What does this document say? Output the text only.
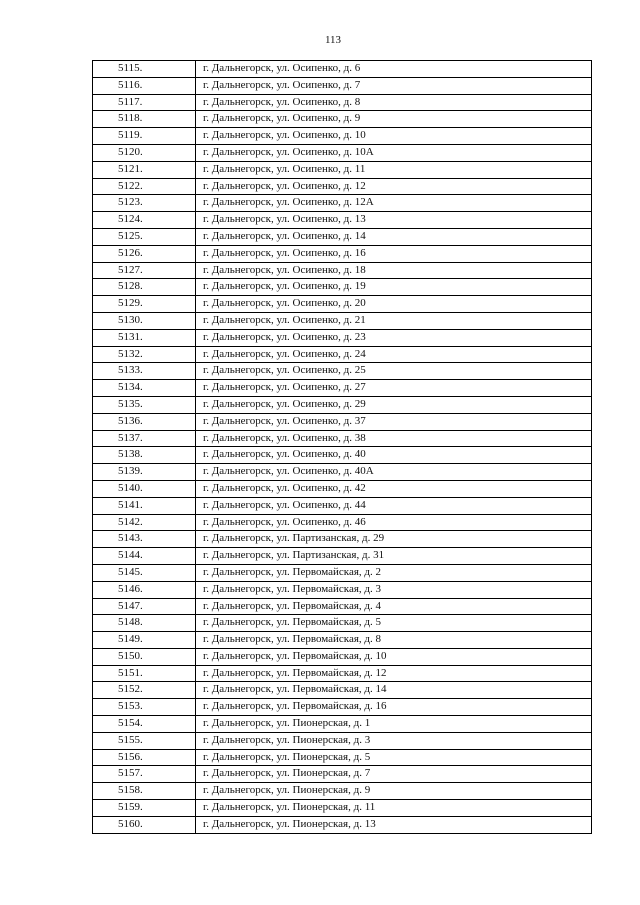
113
5115.	г. Дальнегорск, ул. Осипенко, д. 6
5116.	г. Дальнегорск, ул. Осипенко, д. 7
5117.	г. Дальнегорск, ул. Осипенко, д. 8
5118.	г. Дальнегорск, ул. Осипенко, д. 9
5119.	г. Дальнегорск, ул. Осипенко, д. 10
5120.	г. Дальнегорск, ул. Осипенко, д. 10А
5121.	г. Дальнегорск, ул. Осипенко, д. 11
5122.	г. Дальнегорск, ул. Осипенко, д. 12
5123.	г. Дальнегорск, ул. Осипенко, д. 12А
5124.	г. Дальнегорск, ул. Осипенко, д. 13
5125.	г. Дальнегорск, ул. Осипенко, д. 14
5126.	г. Дальнегорск, ул. Осипенко, д. 16
5127.	г. Дальнегорск, ул. Осипенко, д. 18
5128.	г. Дальнегорск, ул. Осипенко, д. 19
5129.	г. Дальнегорск, ул. Осипенко, д. 20
5130.	г. Дальнегорск, ул. Осипенко, д. 21
5131.	г. Дальнегорск, ул. Осипенко, д. 23
5132.	г. Дальнегорск, ул. Осипенко, д. 24
5133.	г. Дальнегорск, ул. Осипенко, д. 25
5134.	г. Дальнегорск, ул. Осипенко, д. 27
5135.	г. Дальнегорск, ул. Осипенко, д. 29
5136.	г. Дальнегорск, ул. Осипенко, д. 37
5137.	г. Дальнегорск, ул. Осипенко, д. 38
5138.	г. Дальнегорск, ул. Осипенко, д. 40
5139.	г. Дальнегорск, ул. Осипенко, д. 40А
5140.	г. Дальнегорск, ул. Осипенко, д. 42
5141.	г. Дальнегорск, ул. Осипенко, д. 44
5142.	г. Дальнегорск, ул. Осипенко, д. 46
5143.	г. Дальнегорск, ул. Партизанская, д. 29
5144.	г. Дальнегорск, ул. Партизанская, д. 31
5145.	г. Дальнегорск, ул. Первомайская, д. 2
5146.	г. Дальнегорск, ул. Первомайская, д. 3
5147.	г. Дальнегорск, ул. Первомайская, д. 4
5148.	г. Дальнегорск, ул. Первомайская, д. 5
5149.	г. Дальнегорск, ул. Первомайская, д. 8
5150.	г. Дальнегорск, ул. Первомайская, д. 10
5151.	г. Дальнегорск, ул. Первомайская, д. 12
5152.	г. Дальнегорск, ул. Первомайская, д. 14
5153.	г. Дальнегорск, ул. Первомайская, д. 16
5154.	г. Дальнегорск, ул. Пионерская, д. 1
5155.	г. Дальнегорск, ул. Пионерская, д. 3
5156.	г. Дальнегорск, ул. Пионерская, д. 5
5157.	г. Дальнегорск, ул. Пионерская, д. 7
5158.	г. Дальнегорск, ул. Пионерская, д. 9
5159.	г. Дальнегорск, ул. Пионерская, д. 11
5160.	г. Дальнегорск, ул. Пионерская, д. 13
